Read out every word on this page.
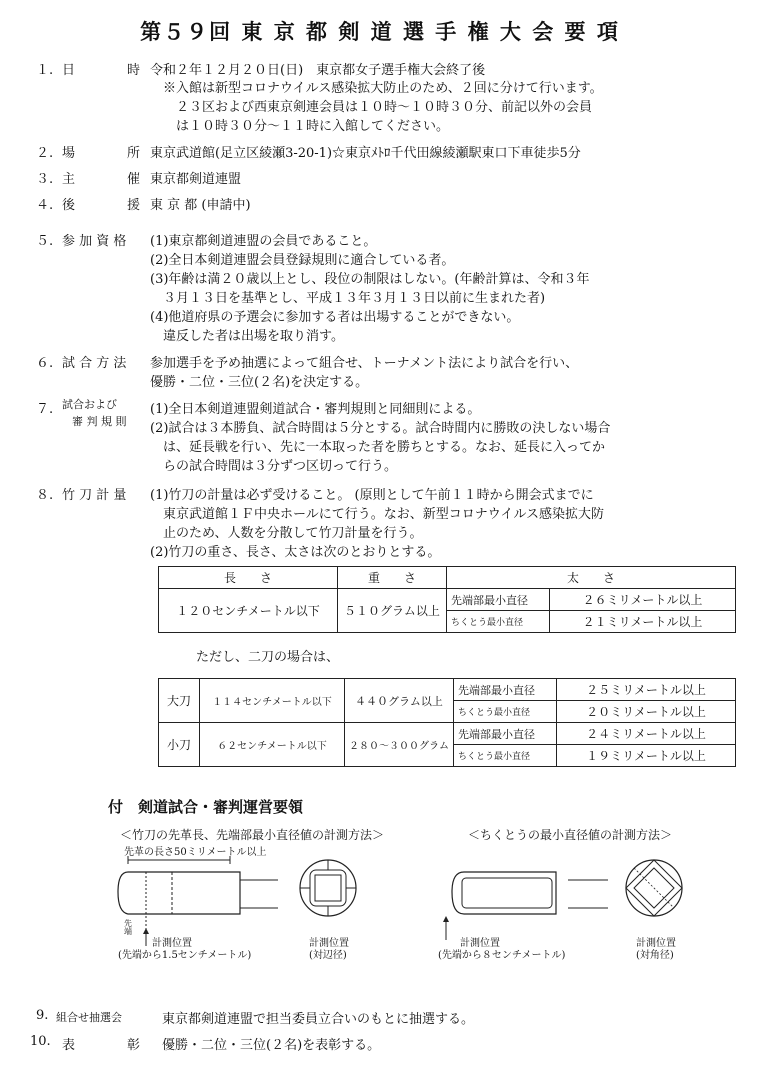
第５９回 東 京 都 剣 道 選 手 権 大 会 要 項
１. 日　　　　時 令和２年１２月２０日(日)　東京都女子選手権大会終了後
※入館は新型コロナウイルス感染拡大防止のため、２回に分けて行います。
　２３区および西東京剣連会員は１０時～１０時３０分、前記以外の会員
　は１０時３０分～１１時に入館してください。
２. 場　　　　所 東京武道館(足立区綾瀬3-20-1)☆東京ﾒﾄﾛ千代田線綾瀬駅東口下車徒歩5分
３. 主　　　　催 東京都剣道連盟
４. 後　　　　援 東 京 都 (申請中)
５. 参 加 資 格 (1)東京都剣道連盟の会員であること。
(2)全日本剣道連盟会員登録規則に適合している者。
(3)年齢は満２０歳以上とし、段位の制限はしない。(年齢計算は、令和３年
　３月１３日を基準とし、平成１３年３月１３日以前に生まれた者)
(4)他道府県の予選会に参加する者は出場することができない。
　違反した者は出場を取り消す。
６. 試 合 方 法 参加選手を予め抽選によって組合せ、トーナメント法により試合を行い、
優勝・二位・三位(２名)を決定する。
７. 試合および
審 判 規 則
(1)全日本剣道連盟剣道試合・審判規則と同細則による。
(2)試合は３本勝負、試合時間は５分とする。試合時間内に勝敗の決しない場合
　は、延長戦を行い、先に一本取った者を勝ちとする。なお、延長に入ってか
　らの試合時間は３分ずつ区切って行う。
８. 竹 刀 計 量 (1)竹刀の計量は必ず受けること。 (原則として午前１１時から開会式までに
　東京武道館１Ｆ中央ホールにて行う。なお、新型コロナウイルス感染拡大防
　止のため、人数を分散して竹刀計量を行う。
(2)竹刀の重さ、長さ、太さは次のとおりとする。
長　　さ	重　　さ	太　　さ	
１２０センチメートル以下	５１０グラム以上	先端部最小直径	２６ミリメートル以上
		ちくとう最小直径	２１ミリメートル以上
ただし、二刀の場合は、
大刀	１１４センチメートル以下	４４０グラム以上	先端部最小直径	２５ミリメートル以上
			ちくとう最小直径	２０ミリメートル以上
小刀	６２センチメートル以下	２８０～３００グラム	先端部最小直径	２４ミリメートル以上
			ちくとう最小直径	１９ミリメートル以上
付　剣道試合・審判運営要領
＜竹刀の先革長、先端部最小直径値の計測方法＞	＜ちくとうの最小直径値の計測方法＞
先革の長さ50ミリメートル以上
先端
計測位置
(先端から1.5センチメートル)
計測位置
(対辺径)
計測位置
(先端から８センチメートル)
計測位置
(対角径)
9. 組合せ抽選会	東京都剣道連盟で担当委員立合いのもとに抽選する。
10. 表　　　　彰 優勝・二位・三位(２名)を表彰する。
